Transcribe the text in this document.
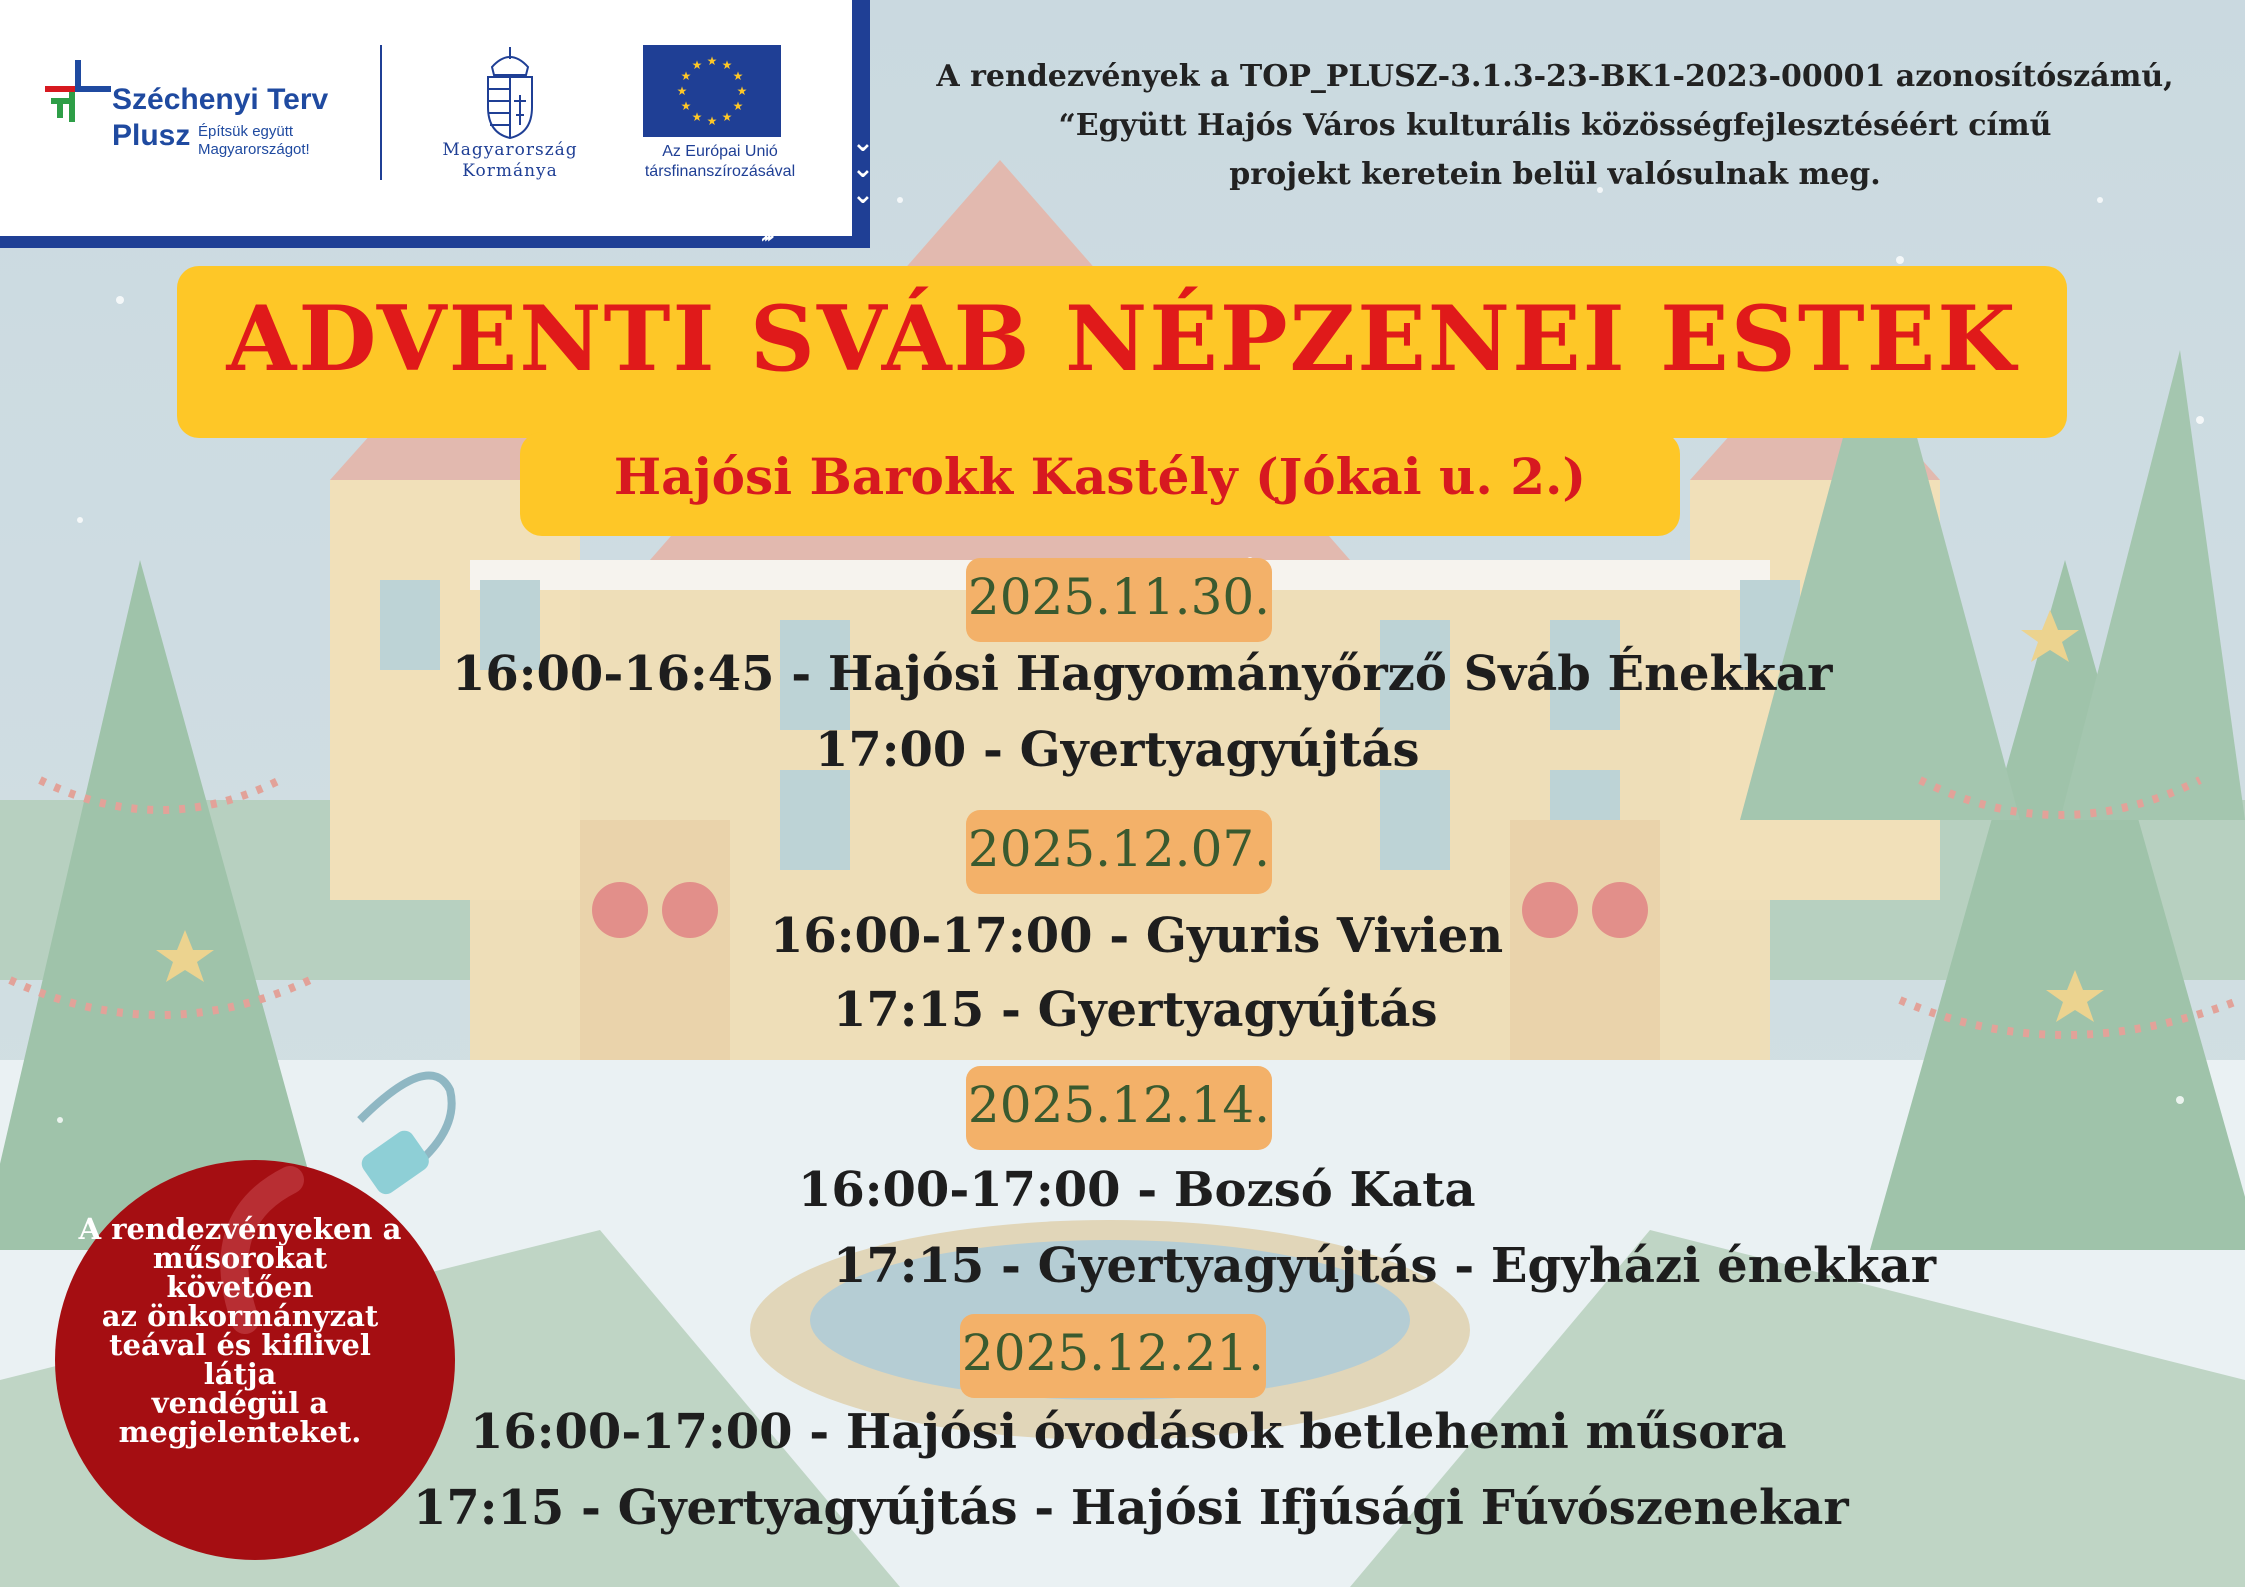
⌄
⌄
⌄
›››
Széchenyi Terv
Plusz Építsük együtt Magyarországot!	Magyarország
Kormánya
★ ★
★
★
★
★
★
★
★
★
★
★
Az Európai Unió
társfinanszírozásával
A rendezvények a TOP_PLUSZ-3.1.3-23-BK1-2023-00001 azonosítószámú,
“Együtt Hajós Város kulturális közösségfejlesztéséért című
projekt keretein belül valósulnak meg.
ADVENTI SVÁB NÉPZENEI ESTEK
Hajósi Barokk Kastély (Jókai u. 2.)
2025.11.30.
16:00-16:45 - Hajósi Hagyományőrző Sváb Énekkar
17:00 - Gyertyagyújtás
2025.12.07.
16:00-17:00 - Gyuris Vivien
17:15 - Gyertyagyújtás
2025.12.14.
16:00-17:00 - Bozsó Kata
17:15 - Gyertyagyújtás - Egyházi énekkar
2025.12.21.
16:00-17:00 - Hajósi óvodások betlehemi műsora
17:15 - Gyertyagyújtás - Hajósi Ifjúsági Fúvószenekar
A rendezvényeken a
műsorokat
követően
az önkormányzat
teával és kiflivel
látja
vendégül a
megjelenteket.
